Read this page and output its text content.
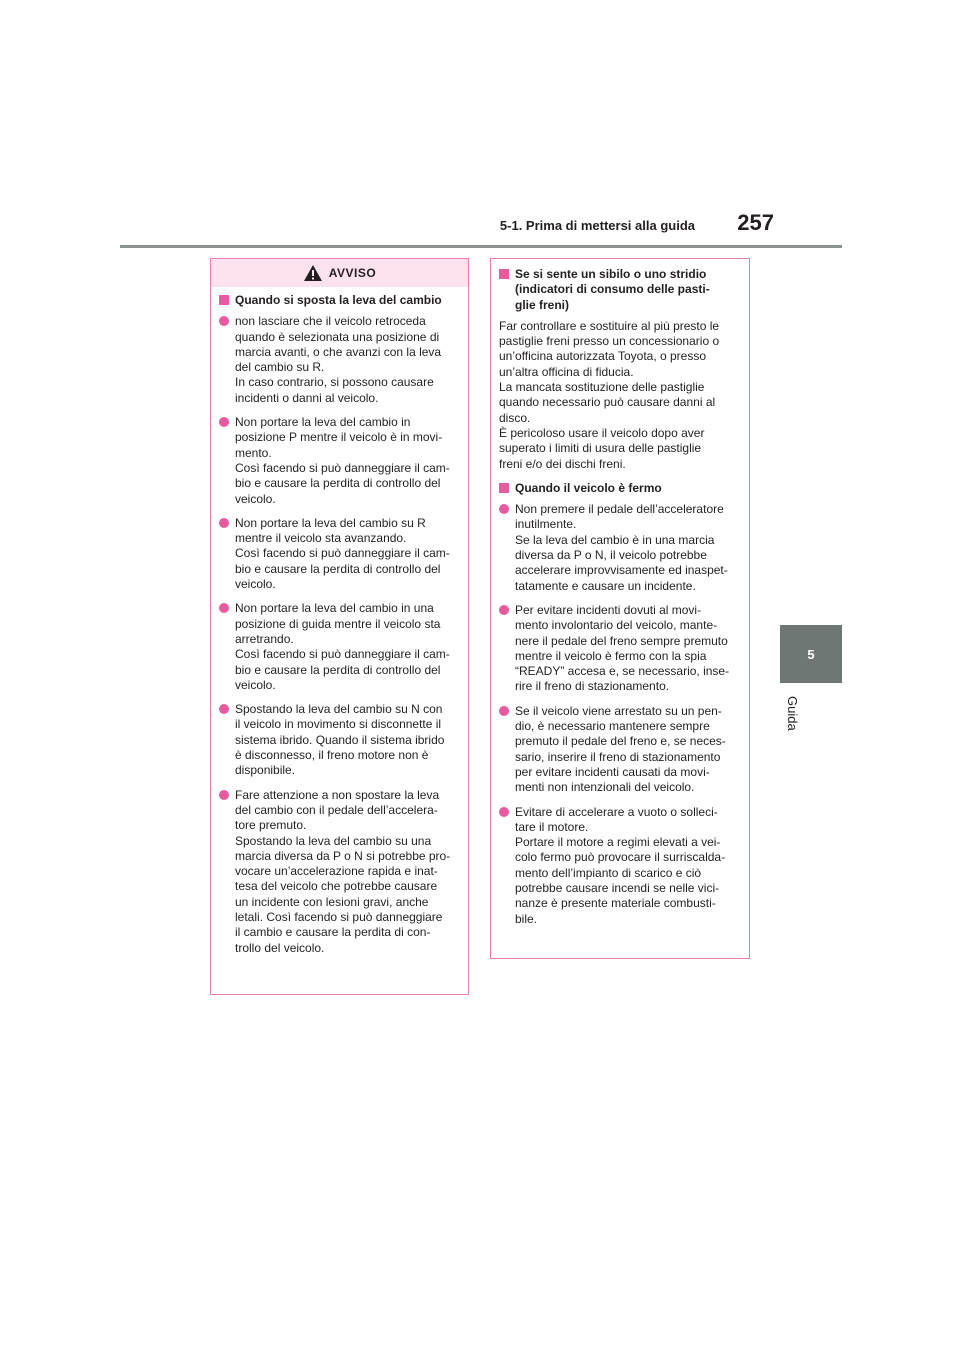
5-1. Prima di mettersi alla guida	257
5
Guida
AVVISO
Quando si sposta la leva del cambio
non lasciare che il veicolo retroceda
quando è selezionata una posizione di
marcia avanti, o che avanzi con la leva
del cambio su R.
In caso contrario, si possono causare
incidenti o danni al veicolo.
Non portare la leva del cambio in
posizione P mentre il veicolo è in movi-
mento.
Così facendo si può danneggiare il cam-
bio e causare la perdita di controllo del
veicolo.
Non portare la leva del cambio su R
mentre il veicolo sta avanzando.
Così facendo si può danneggiare il cam-
bio e causare la perdita di controllo del
veicolo.
Non portare la leva del cambio in una
posizione di guida mentre il veicolo sta
arretrando.
Così facendo si può danneggiare il cam-
bio e causare la perdita di controllo del
veicolo.
Spostando la leva del cambio su N con
il veicolo in movimento si disconnette il
sistema ibrido. Quando il sistema ibrido
è disconnesso, il freno motore non è
disponibile.
Fare attenzione a non spostare la leva
del cambio con il pedale dell’accelera-
tore premuto.
Spostando la leva del cambio su una
marcia diversa da P o N si potrebbe pro-
vocare un’accelerazione rapida e inat-
tesa del veicolo che potrebbe causare
un incidente con lesioni gravi, anche
letali. Così facendo si può danneggiare
il cambio e causare la perdita di con-
trollo del veicolo.
Se si sente un sibilo o uno stridio
(indicatori di consumo delle pasti-
glie freni)

Far controllare e sostituire al più presto le
pastiglie freni presso un concessionario o
un’officina autorizzata Toyota, o presso
un’altra officina di fiducia.
La mancata sostituzione delle pastiglie
quando necessario può causare danni al
disco.
È pericoloso usare il veicolo dopo aver
superato i limiti di usura delle pastiglie
freni e/o dei dischi freni.

Quando il veicolo è fermo
Non premere il pedale dell’acceleratore
inutilmente.
Se la leva del cambio è in una marcia
diversa da P o N, il veicolo potrebbe
accelerare improvvisamente ed inaspet-
tatamente e causare un incidente.
Per evitare incidenti dovuti al movi-
mento involontario del veicolo, mante-
nere il pedale del freno sempre premuto
mentre il veicolo è fermo con la spia
“READY” accesa e, se necessario, inse-
rire il freno di stazionamento.
Se il veicolo viene arrestato su un pen-
dio, è necessario mantenere sempre
premuto il pedale del freno e, se neces-
sario, inserire il freno di stazionamento
per evitare incidenti causati da movi-
menti non intenzionali del veicolo.
Evitare di accelerare a vuoto o solleci-
tare il motore.
Portare il motore a regimi elevati a vei-
colo fermo può provocare il surriscalda-
mento dell’impianto di scarico e ciò
potrebbe causare incendi se nelle vici-
nanze è presente materiale combusti-
bile.
